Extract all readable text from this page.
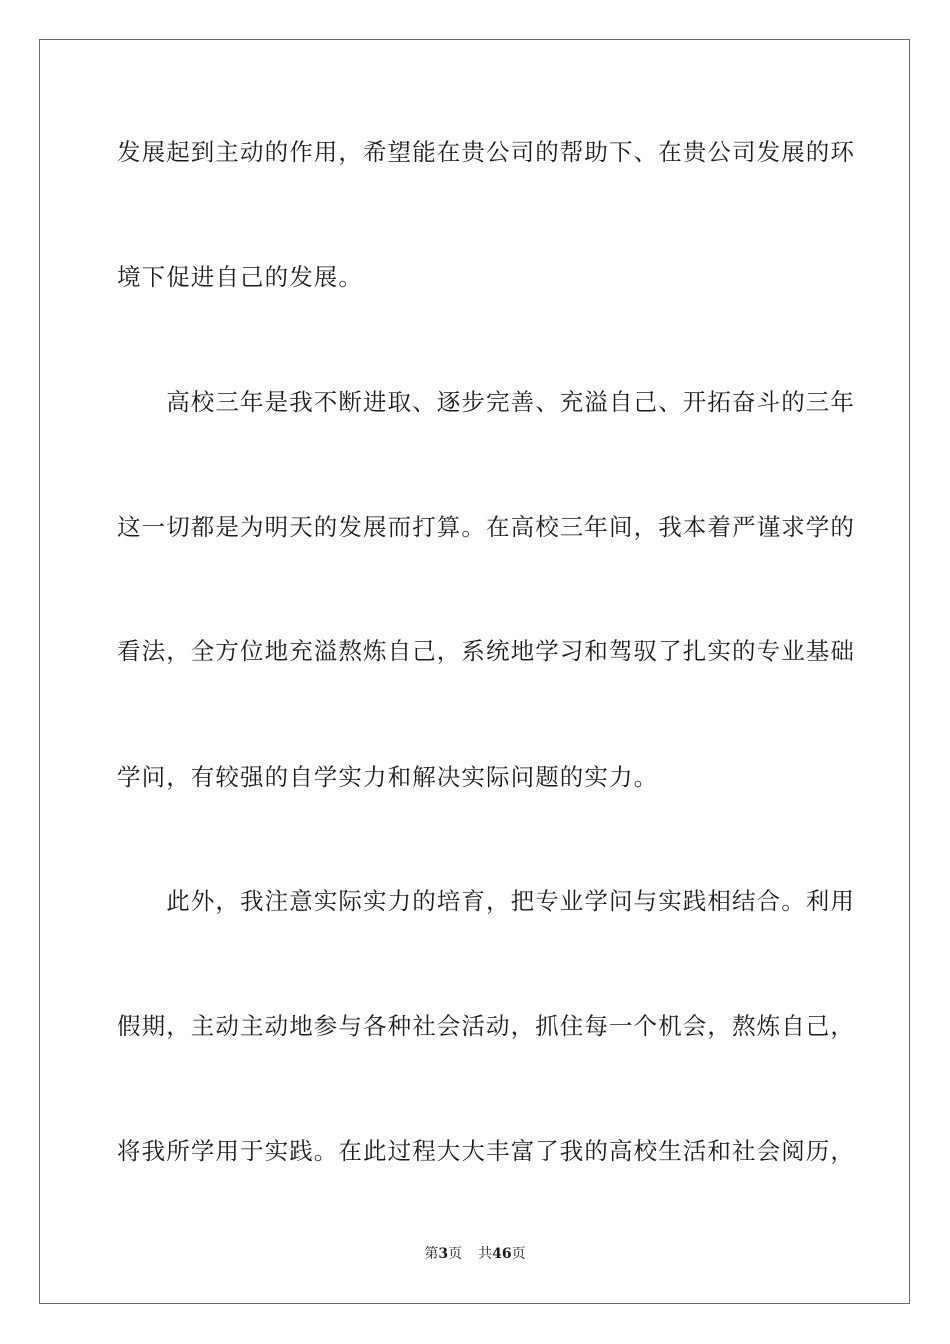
发展起到主动的作用，希望能在贵公司的帮助下、在贵公司发展的环

境下促进自己的发展。

　　高校三年是我不断进取、逐步完善、充溢自己、开拓奋斗的三年

这一切都是为明天的发展而打算。在高校三年间，我本着严谨求学的

看法，全方位地充溢熬炼自己，系统地学习和驾驭了扎实的专业基础

学问，有较强的自学实力和解决实际问题的实力。

　　此外，我注意实际实力的培育，把专业学问与实践相结合。利用

假期，主动主动地参与各种社会活动，抓住每一个机会，熬炼自己，

将我所学用于实践。在此过程大大丰富了我的高校生活和社会阅历，

第3页 共46页
